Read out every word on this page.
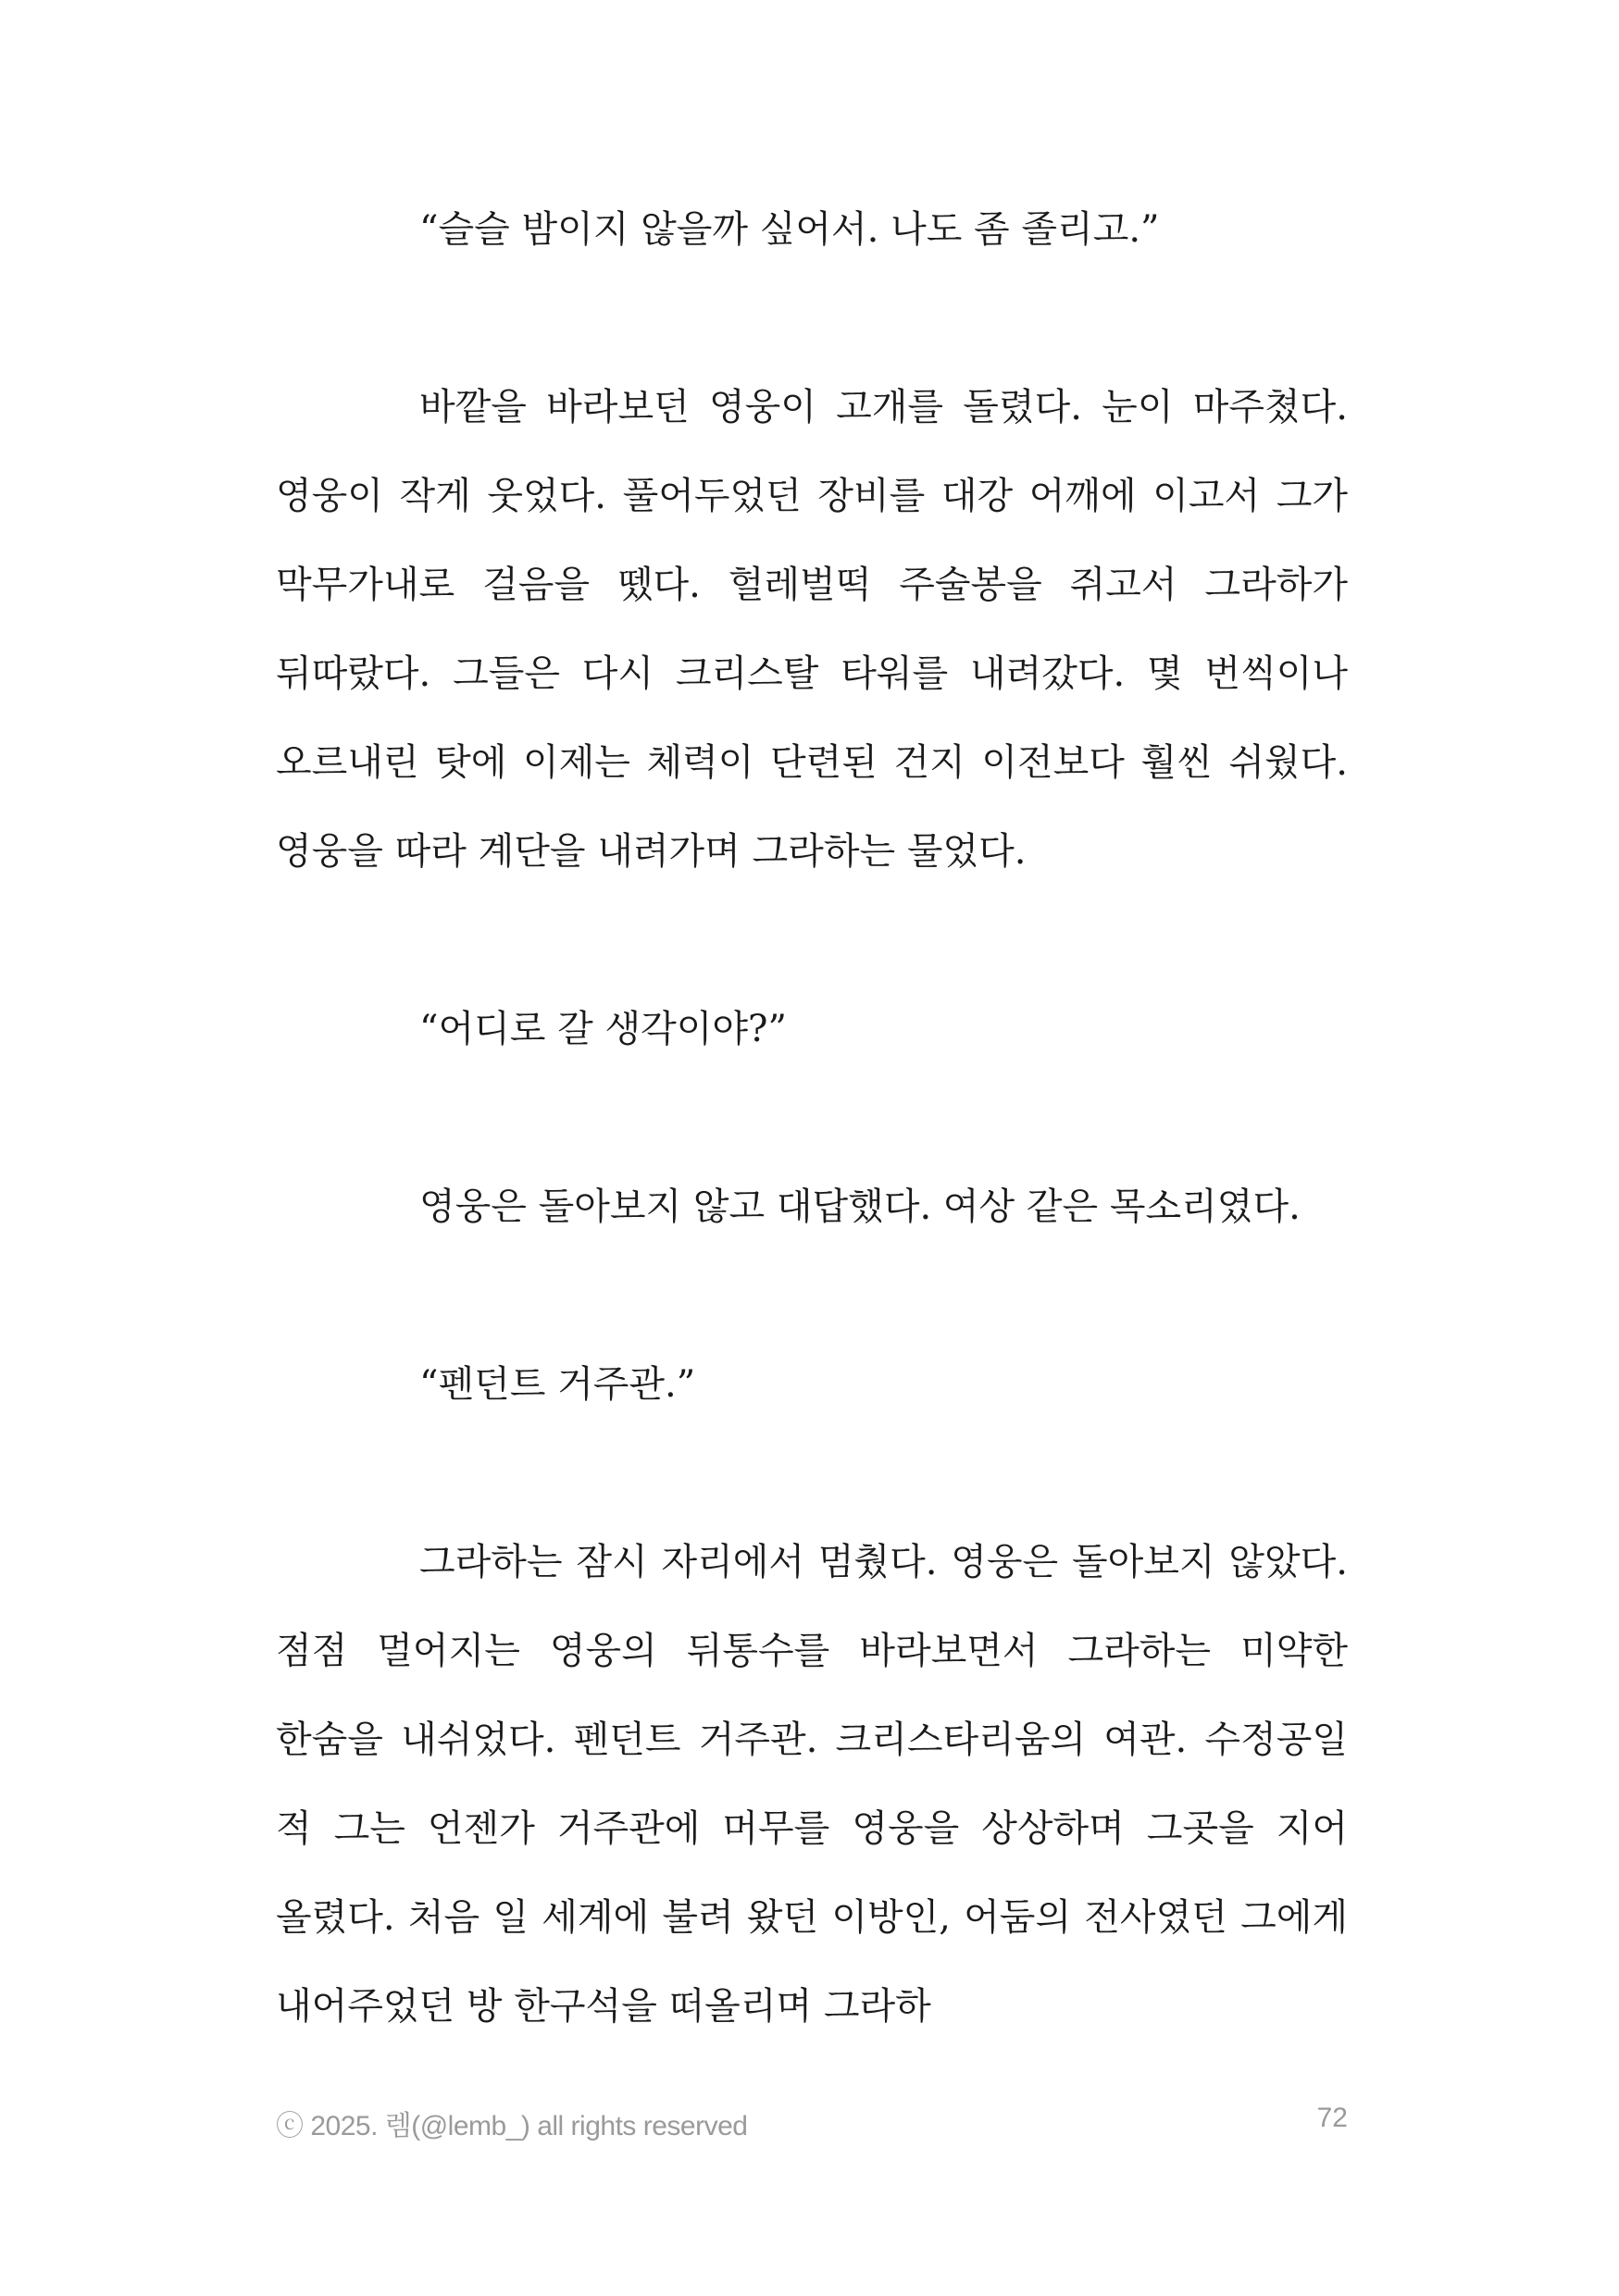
“슬슬 밤이지 않을까 싶어서. 나도 좀 졸리고.”

바깥을 바라보던 영웅이 고개를 돌렸다. 눈이 마주쳤다. 영웅이 작게 웃었다. 풀어두었던 장비를 대강 어깨에 이고서 그가 막무가내로 걸음을 뗐다. 헐레벌떡 주술봉을 쥐고서 그라하가 뒤따랐다. 그들은 다시 크리스탈 타워를 내려갔다. 몇 번씩이나 오르내린 탓에 이제는 체력이 단련된 건지 이전보다 훨씬 쉬웠다. 영웅을 따라 계단을 내려가며 그라하는 물었다.

“어디로 갈 생각이야?”

영웅은 돌아보지 않고 대답했다. 여상 같은 목소리였다.

“펜던트 거주관.”

그라하는 잠시 자리에서 멈췄다. 영웅은 돌아보지 않았다. 점점 멀어지는 영웅의 뒤통수를 바라보면서 그라하는 미약한 한숨을 내쉬었다. 펜던트 거주관. 크리스타리움의 여관. 수정공일 적 그는 언젠가 거주관에 머무를 영웅을 상상하며 그곳을 지어 올렸다. 처음 일 세계에 불려 왔던 이방인, 어둠의 전사였던 그에게 내어주었던 방 한구석을 떠올리며 그라하

ⓒ 2025. 렘(@lemb_) all rights reserved	72
